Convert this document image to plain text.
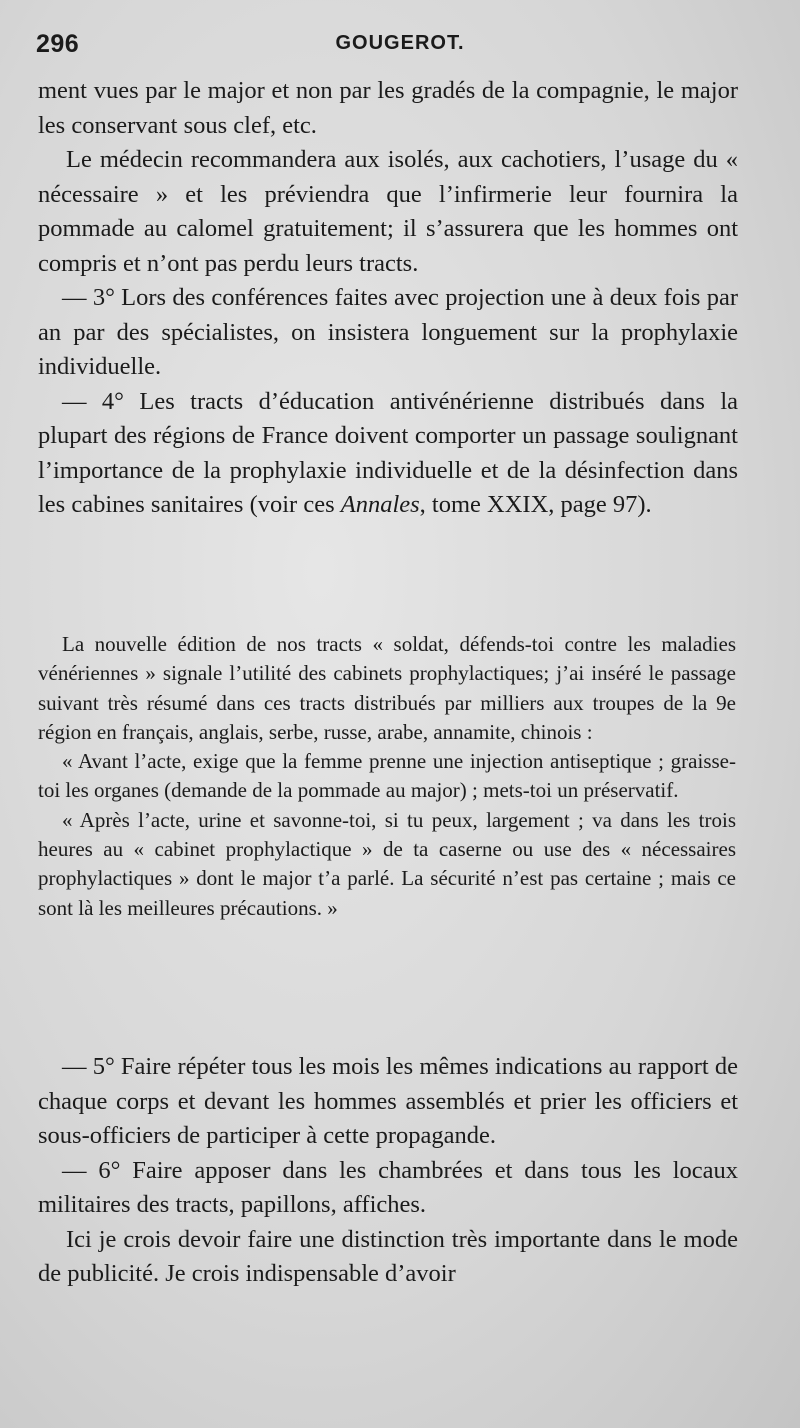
296	GOUGEROT.

ment vues par le major et non par les gradés de la compagnie, le major les conservant sous clef, etc.

Le médecin recommandera aux isolés, aux cachotiers, l’usage du « nécessaire » et les préviendra que l’infirmerie leur fournira la pommade au calomel gratuitement; il s’assurera que les hommes ont compris et n’ont pas perdu leurs tracts.

— 3° Lors des conférences faites avec projection une à deux fois par an par des spécialistes, on insistera longuement sur la prophylaxie individuelle.

— 4° Les tracts d’éducation antivénérienne distribués dans la plupart des régions de France doivent comporter un passage soulignant l’importance de la prophylaxie individuelle et de la désinfection dans les cabines sanitaires (voir ces Annales, tome XXIX, page 97).

La nouvelle édition de nos tracts « soldat, défends-toi contre les maladies vénériennes » signale l’utilité des cabinets prophylactiques; j’ai inséré le passage suivant très résumé dans ces tracts distribués par milliers aux troupes de la 9e région en français, anglais, serbe, russe, arabe, annamite, chinois :

« Avant l’acte, exige que la femme prenne une injection antiseptique ; graisse-toi les organes (demande de la pommade au major) ; mets-toi un préservatif.

« Après l’acte, urine et savonne-toi, si tu peux, largement ; va dans les trois heures au « cabinet prophylactique » de ta caserne ou use des « nécessaires prophylactiques » dont le major t’a parlé. La sécurité n’est pas certaine ; mais ce sont là les meilleures précautions. »

— 5° Faire répéter tous les mois les mêmes indications au rapport de chaque corps et devant les hommes assemblés et prier les officiers et sous-officiers de participer à cette propagande.

— 6° Faire apposer dans les chambrées et dans tous les locaux militaires des tracts, papillons, affiches.

Ici je crois devoir faire une distinction très importante dans le mode de publicité. Je crois indispensable d’avoir
